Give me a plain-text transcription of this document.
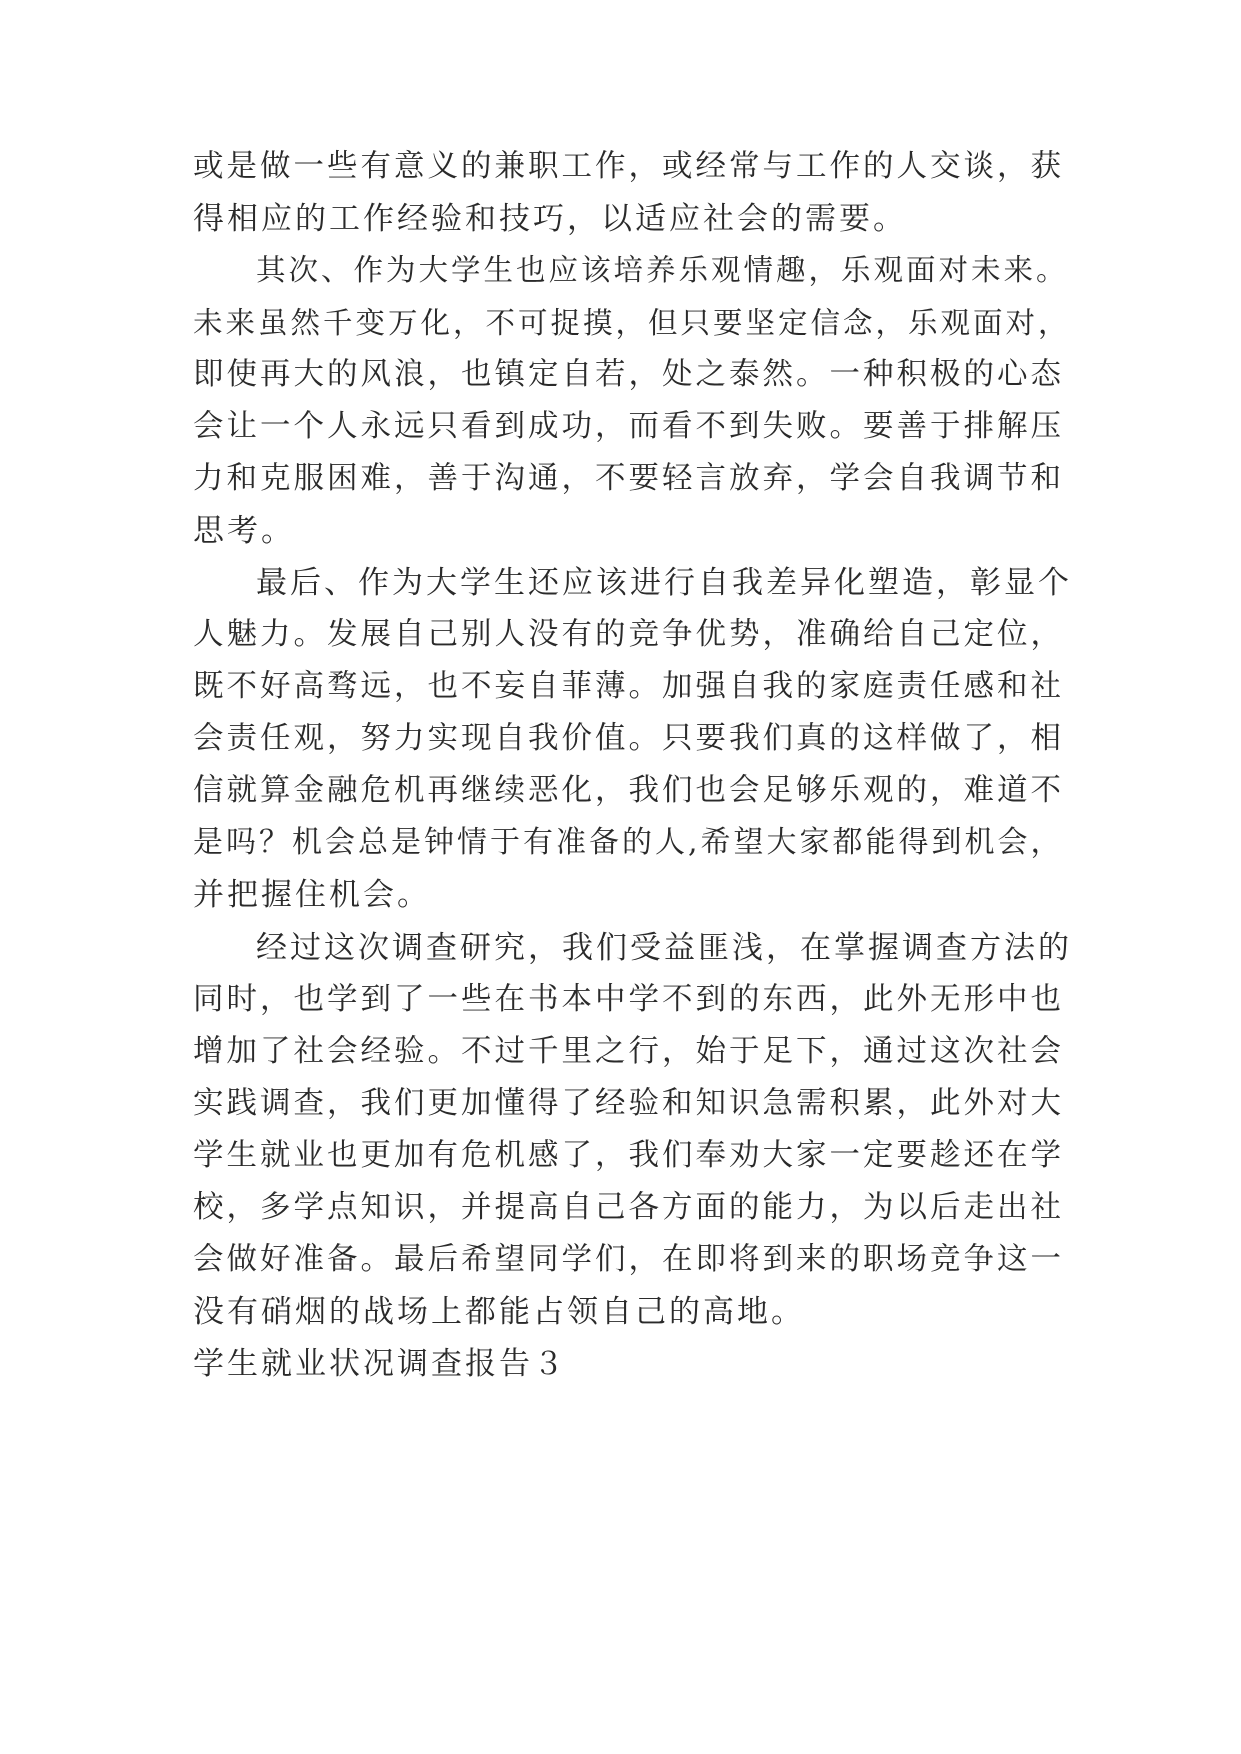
或是做一些有意义的兼职工作，或经常与工作的人交谈，获
得相应的工作经验和技巧，以适应社会的需要。
其次、作为大学生也应该培养乐观情趣，乐观面对未来。
未来虽然千变万化，不可捉摸，但只要坚定信念，乐观面对，
即使再大的风浪，也镇定自若，处之泰然。一种积极的心态
会让一个人永远只看到成功，而看不到失败。要善于排解压
力和克服困难，善于沟通，不要轻言放弃，学会自我调节和
思考。
最后、作为大学生还应该进行自我差异化塑造，彰显个
人魅力。发展自己别人没有的竞争优势，准确给自己定位，
既不好高骛远，也不妄自菲薄。加强自我的家庭责任感和社
会责任观，努力实现自我价值。只要我们真的这样做了，相
信就算金融危机再继续恶化，我们也会足够乐观的，难道不
是吗？机会总是钟情于有准备的人,希望大家都能得到机会，
并把握住机会。
经过这次调查研究，我们受益匪浅，在掌握调查方法的
同时，也学到了一些在书本中学不到的东西，此外无形中也
增加了社会经验。不过千里之行，始于足下，通过这次社会
实践调查，我们更加懂得了经验和知识急需积累，此外对大
学生就业也更加有危机感了，我们奉劝大家一定要趁还在学
校，多学点知识，并提高自己各方面的能力，为以后走出社
会做好准备。最后希望同学们，在即将到来的职场竞争这一
没有硝烟的战场上都能占领自己的高地。
学生就业状况调查报告３
